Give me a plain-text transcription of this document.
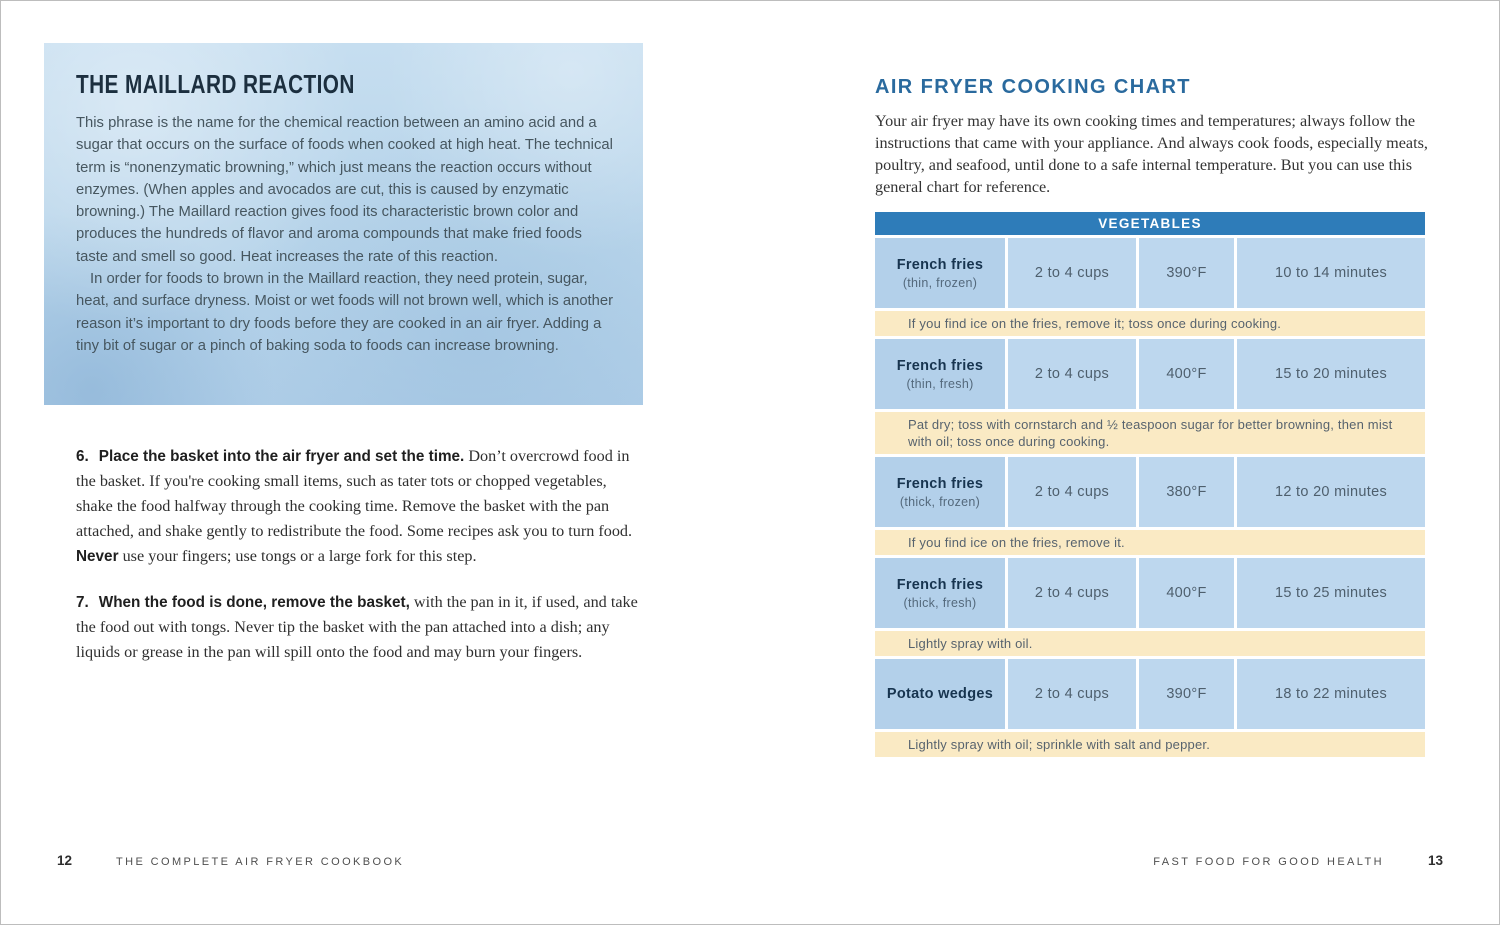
THE MAILLARD REACTION

This phrase is the name for the chemical reaction between an amino acid and a sugar that occurs on the surface of foods when cooked at high heat. The technical term is “nonenzymatic browning,” which just means the reaction occurs without enzymes. (When apples and avocados are cut, this is caused by enzymatic browning.) The Maillard reaction gives food its characteristic brown color and produces the hundreds of flavor and aroma compounds that make fried foods taste and smell so good. Heat increases the rate of this reaction.

In order for foods to brown in the Maillard reaction, they need protein, sugar, heat, and surface dryness. Moist or wet foods will not brown well, which is another reason it’s important to dry foods before they are cooked in an air fryer. Adding a tiny bit of sugar or a pinch of baking soda to foods can increase browning.

6. Place the basket into the air fryer and set the time. Don’t overcrowd food in the basket. If you're cooking small items, such as tater tots or chopped vegetables, shake the food halfway through the cooking time. Remove the basket with the pan attached, and shake gently to redistribute the food. Some recipes ask you to turn food. Never use your fingers; use tongs or a large fork for this step.

7. When the food is done, remove the basket, with the pan in it, if used, and take the food out with tongs. Never tip the basket with the pan attached into a dish; any liquids or grease in the pan will spill onto the food and may burn your fingers.

12	THE COMPLETE AIR FRYER COOKBOOK
AIR FRYER COOKING CHART

Your air fryer may have its own cooking times and temperatures; always follow the instructions that came with your appliance. And always cook foods, especially meats, poultry, and seafood, until done to a safe internal temperature. But you can use this general chart for reference.

VEGETABLES
French fries
(thin, frozen)
2 to 4 cups	390°F	10 to 14 minutes
If you find ice on the fries, remove it; toss once during cooking.
French fries
(thin, fresh)
2 to 4 cups	400°F	15 to 20 minutes
Pat dry; toss with cornstarch and ½ teaspoon sugar for better browning, then mist with oil; toss once during cooking.
French fries
(thick, frozen)
2 to 4 cups	380°F	12 to 20 minutes
If you find ice on the fries, remove it.
French fries
(thick, fresh)
2 to 4 cups	400°F	15 to 25 minutes
Lightly spray with oil.
Potato wedges	2 to 4 cups	390°F	18 to 22 minutes
Lightly spray with oil; sprinkle with salt and pepper.
FAST FOOD FOR GOOD HEALTH	13
